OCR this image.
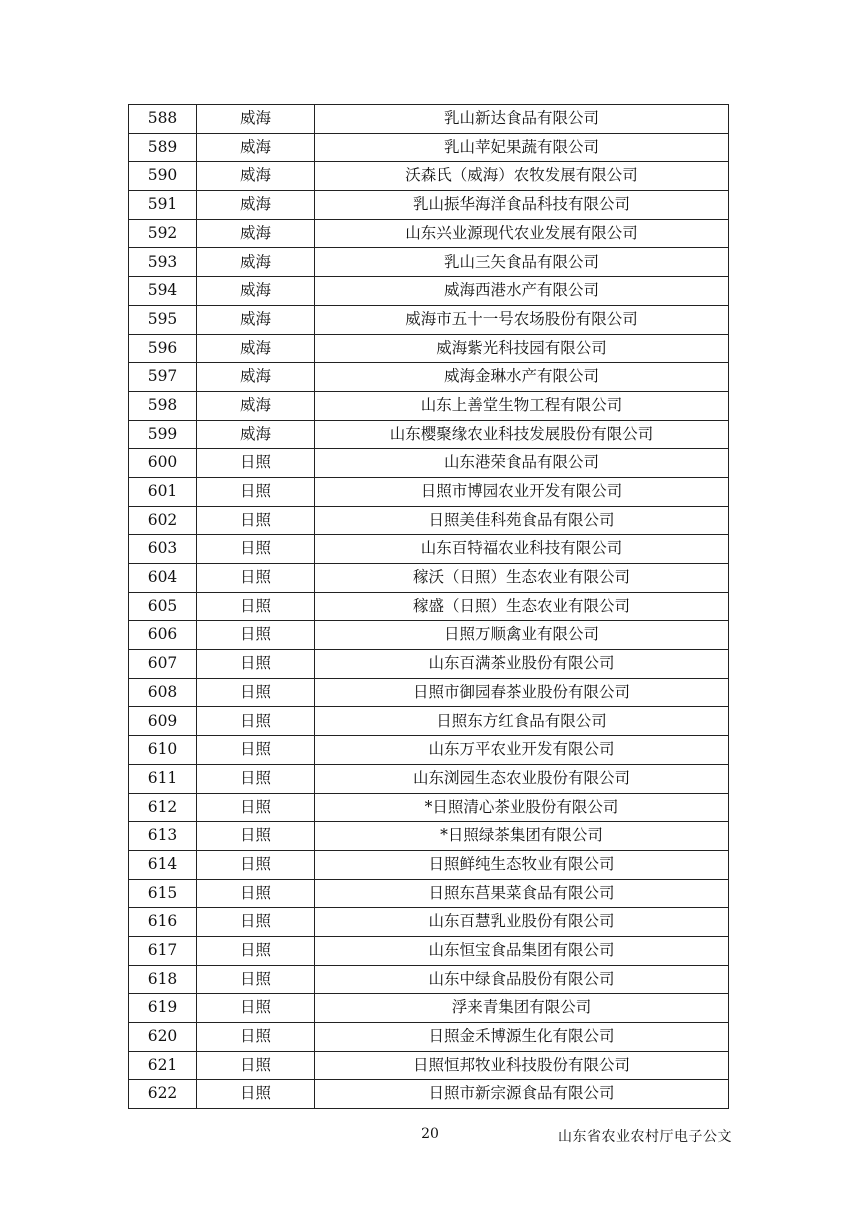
588	威海	乳山新达食品有限公司
589	威海	乳山苹妃果蔬有限公司
590	威海	沃森氏（威海）农牧发展有限公司
591	威海	乳山振华海洋食品科技有限公司
592	威海	山东兴业源现代农业发展有限公司
593	威海	乳山三矢食品有限公司
594	威海	威海西港水产有限公司
595	威海	威海市五十一号农场股份有限公司
596	威海	威海紫光科技园有限公司
597	威海	威海金琳水产有限公司
598	威海	山东上善堂生物工程有限公司
599	威海	山东樱聚缘农业科技发展股份有限公司
600	日照	山东港荣食品有限公司
601	日照	日照市博园农业开发有限公司
602	日照	日照美佳科苑食品有限公司
603	日照	山东百特福农业科技有限公司
604	日照	稼沃（日照）生态农业有限公司
605	日照	稼盛（日照）生态农业有限公司
606	日照	日照万顺禽业有限公司
607	日照	山东百满茶业股份有限公司
608	日照	日照市御园春茶业股份有限公司
609	日照	日照东方红食品有限公司
610	日照	山东万平农业开发有限公司
611	日照	山东浏园生态农业股份有限公司
612	日照	*日照清心茶业股份有限公司
613	日照	*日照绿茶集团有限公司
614	日照	日照鲜纯生态牧业有限公司
615	日照	日照东莒果菜食品有限公司
616	日照	山东百慧乳业股份有限公司
617	日照	山东恒宝食品集团有限公司
618	日照	山东中绿食品股份有限公司
619	日照	浮来青集团有限公司
620	日照	日照金禾博源生化有限公司
621	日照	日照恒邦牧业科技股份有限公司
622	日照	日照市新宗源食品有限公司
20	山东省农业农村厅电子公文
